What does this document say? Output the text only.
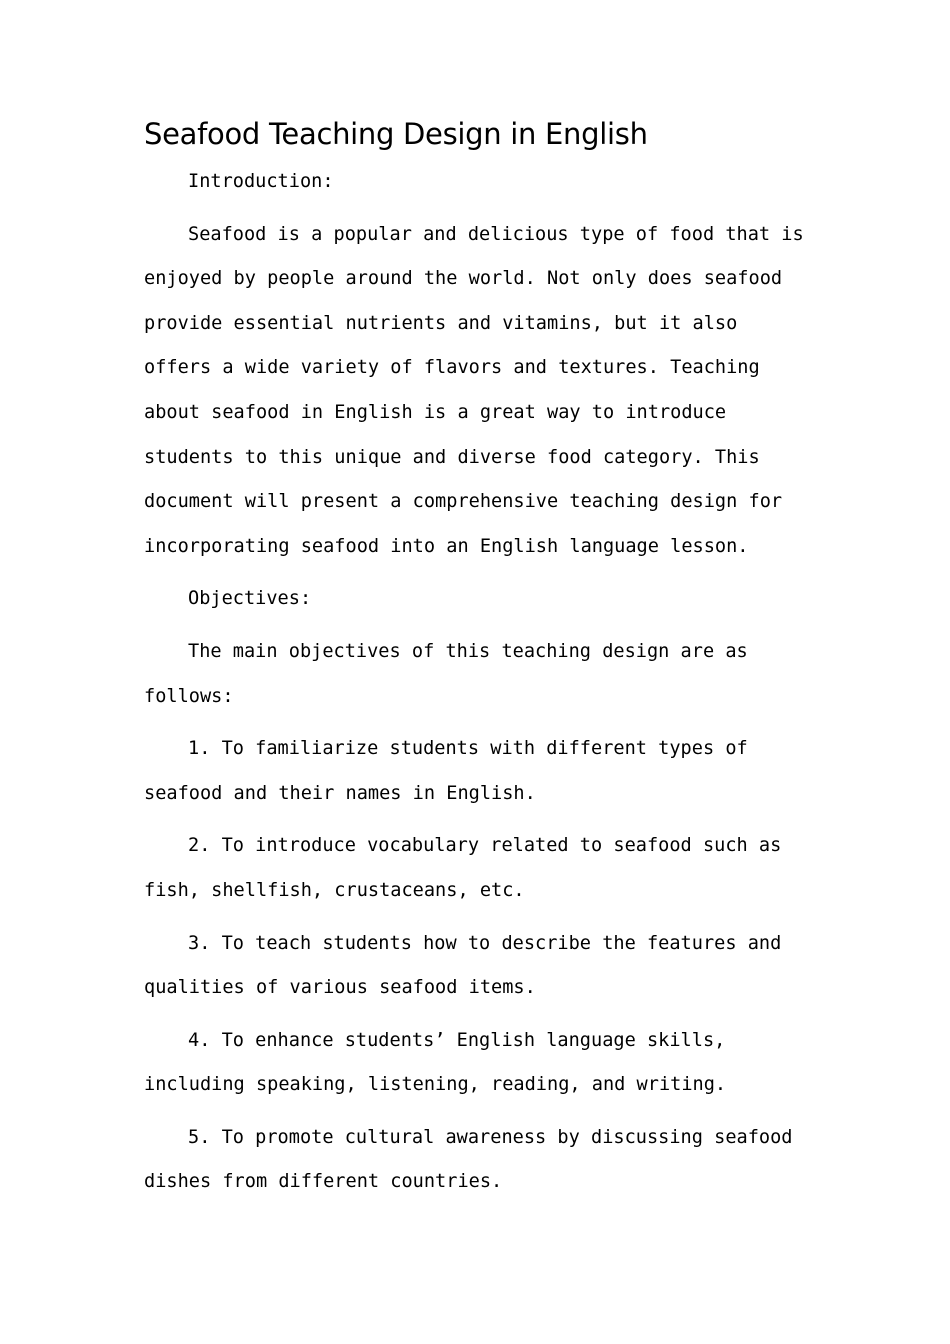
Seafood Teaching Design in English

Introduction:

Seafood is a popular and delicious type of food that is enjoyed by people around the world. Not only does seafood provide essential nutrients and vitamins, but it also offers a wide variety of flavors and textures. Teaching about seafood in English is a great way to introduce students to this unique and diverse food category. This document will present a comprehensive teaching design for incorporating seafood into an English language lesson.

Objectives:

The main objectives of this teaching design are as follows:

1. To familiarize students with different types of seafood and their names in English.

2. To introduce vocabulary related to seafood such as fish, shellfish, crustaceans, etc.

3. To teach students how to describe the features and qualities of various seafood items.

4. To enhance students’ English language skills, including speaking, listening, reading, and writing.

5. To promote cultural awareness by discussing seafood dishes from different countries.
